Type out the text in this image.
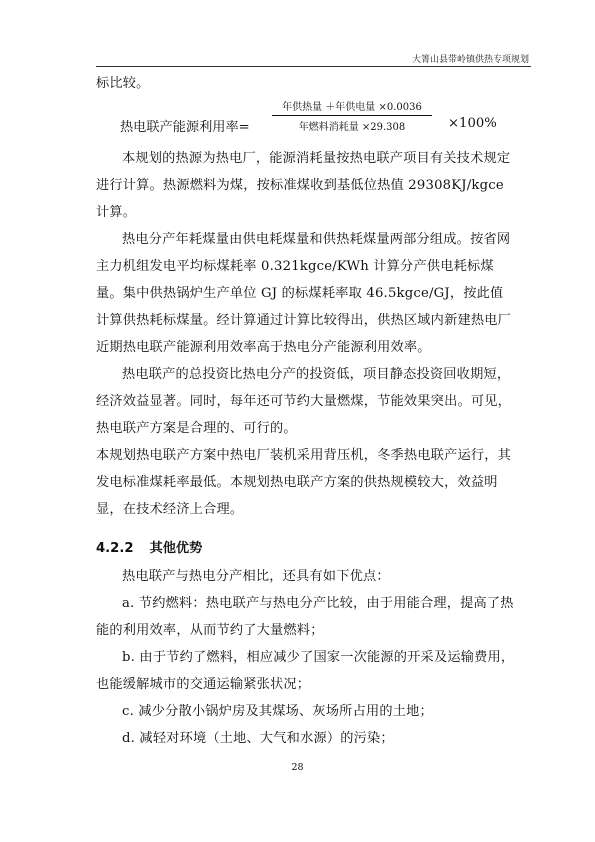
大箐山县带岭镇供热专项规划

标比较。

热电联产能源利用率=
年供热量 ＋年供电量 ×0.0036
年燃料消耗量 ×29.308	×100%

本规划的热源为热电厂，能源消耗量按热电联产项目有关技术规定进行计算。热源燃料为煤，按标准煤收到基低位热值 29308KJ/kgce 计算。

热电分产年耗煤量由供电耗煤量和供热耗煤量两部分组成。按省网主力机组发电平均标煤耗率 0.321kgce/KWh 计算分产供电耗标煤量。集中供热锅炉生产单位 GJ 的标煤耗率取 46.5kgce/GJ，按此值计算供热耗标煤量。经计算通过计算比较得出，供热区域内新建热电厂近期热电联产能源利用效率高于热电分产能源利用效率。

热电联产的总投资比热电分产的投资低，项目静态投资回收期短，经济效益显著。同时，每年还可节约大量燃煤，节能效果突出。可见，热电联产方案是合理的、可行的。

本规划热电联产方案中热电厂装机采用背压机，冬季热电联产运行，其发电标准煤耗率最低。本规划热电联产方案的供热规模较大，效益明显，在技术经济上合理。

4.2.2 其他优势

热电联产与热电分产相比，还具有如下优点：

a. 节约燃料：热电联产与热电分产比较，由于用能合理，提高了热能的利用效率，从而节约了大量燃料；

b. 由于节约了燃料，相应减少了国家一次能源的开采及运输费用，也能缓解城市的交通运输紧张状况；

c. 减少分散小锅炉房及其煤场、灰场所占用的土地；

d. 减轻对环境（土地、大气和水源）的污染；

28
